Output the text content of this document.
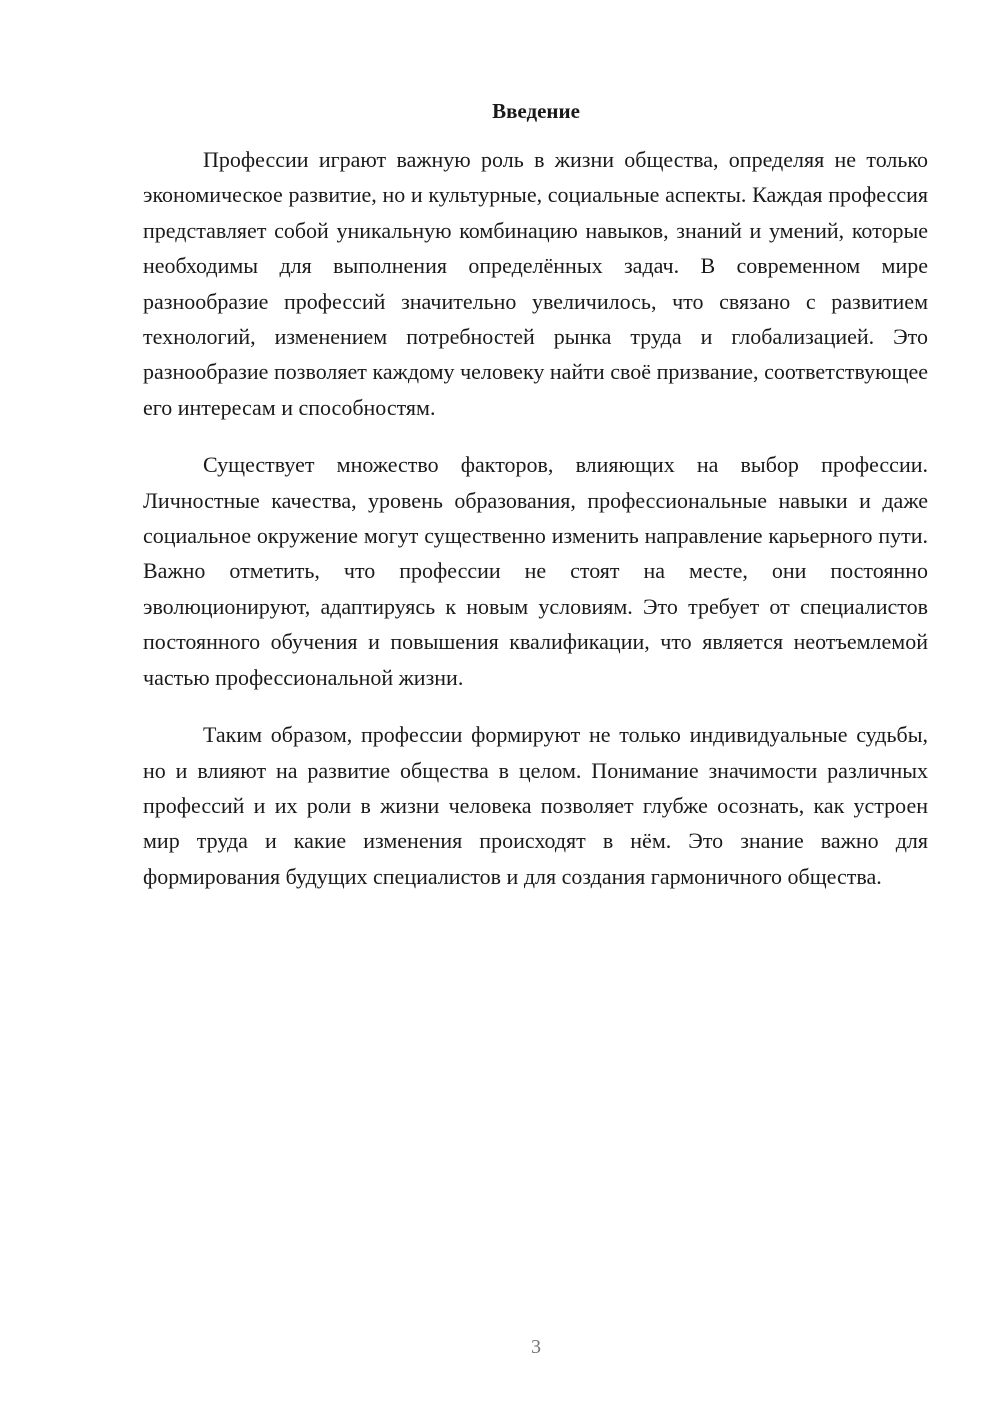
Введение

Профессии играют важную роль в жизни общества, определяя не только экономическое развитие, но и культурные, социальные аспекты. Каждая профессия представляет собой уникальную комбинацию навыков, знаний и умений, которые необходимы для выполнения определённых задач. В современном мире разнообразие профессий значительно увеличилось, что связано с развитием технологий, изменением потребностей рынка труда и глобализацией. Это разнообразие позволяет каждому человеку найти своё призвание, соответствующее его интересам и способностям.

Существует множество факторов, влияющих на выбор профессии. Личностные качества, уровень образования, профессиональные навыки и даже социальное окружение могут существенно изменить направление карьерного пути. Важно отметить, что профессии не стоят на месте, они постоянно эволюционируют, адаптируясь к новым условиям. Это требует от специалистов постоянного обучения и повышения квалификации, что является неотъемлемой частью профессиональной жизни.

Таким образом, профессии формируют не только индивидуальные судьбы, но и влияют на развитие общества в целом. Понимание значимости различных профессий и их роли в жизни человека позволяет глубже осознать, как устроен мир труда и какие изменения происходят в нём. Это знание важно для формирования будущих специалистов и для создания гармоничного общества.

3
